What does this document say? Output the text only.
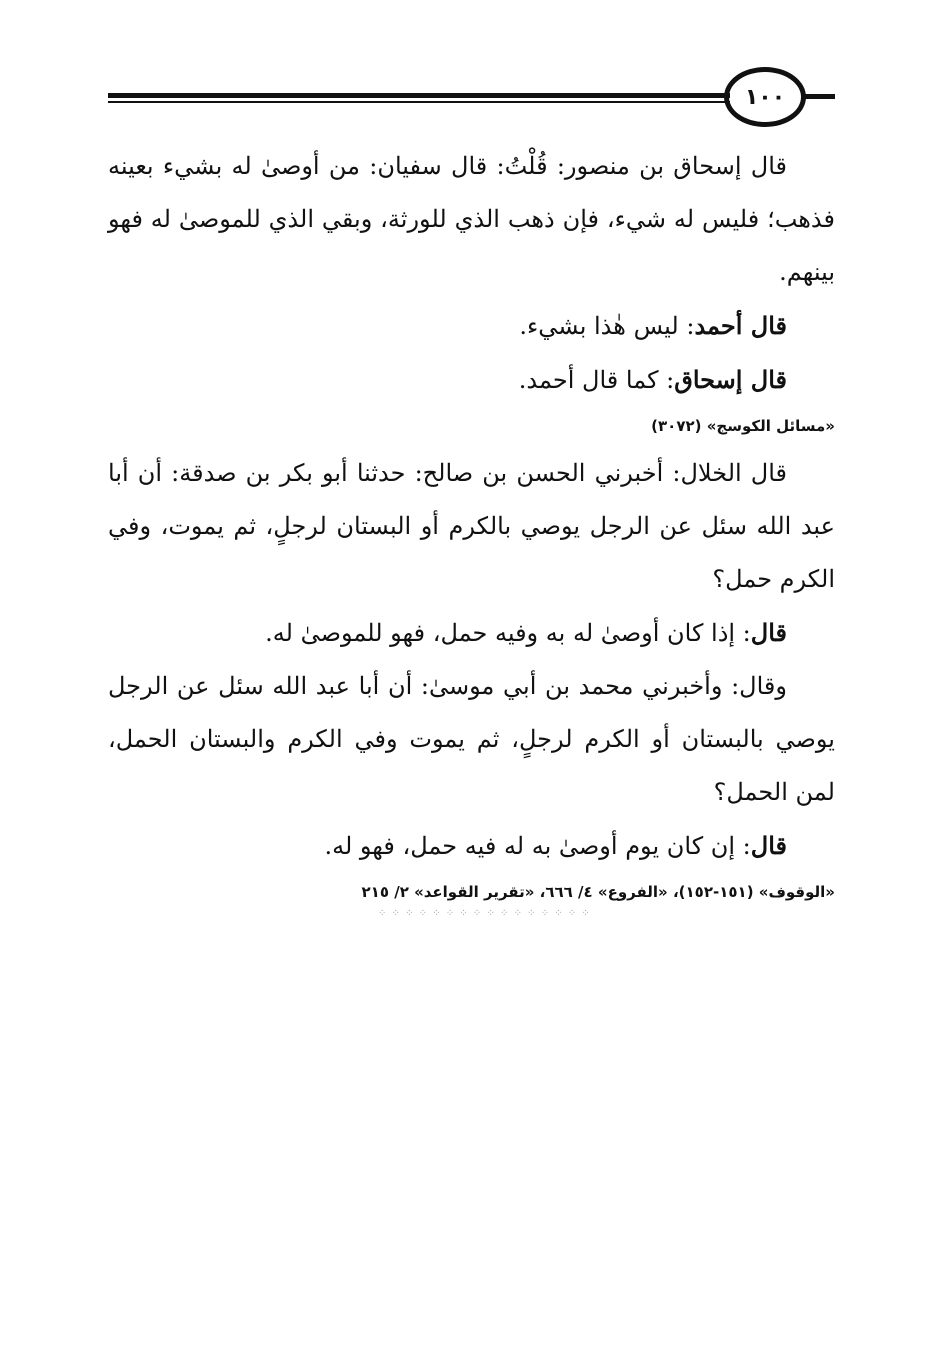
١٠٠

قال إسحاق بن منصور: قُلْتُ: قال سفيان: من أوصىٰ له بشيء بعينه فذهب؛ فليس له شيء، فإن ذهب الذي للورثة، وبقي الذي للموصىٰ له فهو بينهم.

قال أحمد: ليس هٰذا بشيء.

قال إسحاق: كما قال أحمد.

«مسائل الكوسج» (٣٠٧٢)

قال الخلال: أخبرني الحسن بن صالح: حدثنا أبو بكر بن صدقة: أن أبا عبد الله سئل عن الرجل يوصي بالكرم أو البستان لرجلٍ، ثم يموت، وفي الكرم حمل؟

قال: إذا كان أوصىٰ له به وفيه حمل، فهو للموصىٰ له.

وقال: وأخبرني محمد بن أبي موسىٰ: أن أبا عبد الله سئل عن الرجل يوصي بالبستان أو الكرم لرجلٍ، ثم يموت وفي الكرم والبستان الحمل، لمن الحمل؟

قال: إن كان يوم أوصىٰ به له فيه حمل، فهو له.

«الوقوف» (١٥١-١٥٢)، «الفروع» ٤/ ٦٦٦، «تقرير القواعد» ٢/ ٢١٥
⁘ ⁘ ⁘ ⁘ ⁘ ⁘ ⁘ ⁘ ⁘ ⁘ ⁘ ⁘ ⁘ ⁘ ⁘ ⁘
